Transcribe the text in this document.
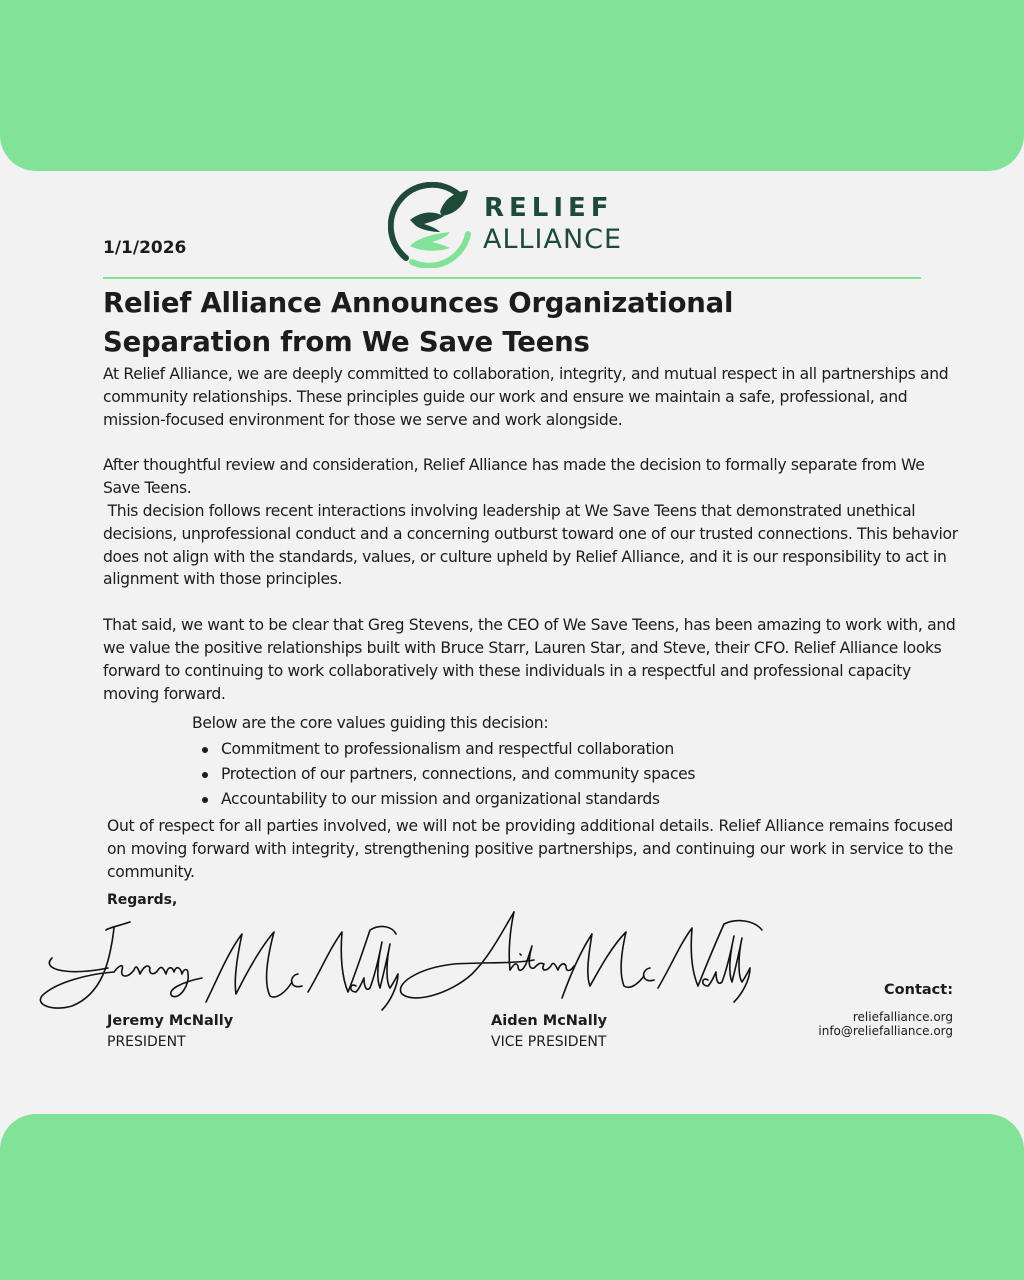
RELIEF
ALLIANCE
1/1/2026
Relief Alliance Announces Organizational Separation from We Save Teens

At Relief Alliance, we are deeply committed to collaboration, integrity, and mutual respect in all partnerships and community relationships. These principles guide our work and ensure we maintain a safe, professional, and mission-focused environment for those we serve and work alongside.

After thoughtful review and consideration, Relief Alliance has made the decision to formally separate from We Save Teens.

This decision follows recent interactions involving leadership at We Save Teens that demonstrated unethical decisions, unprofessional conduct and a concerning outburst toward one of our trusted connections. This behavior does not align with the standards, values, or culture upheld by Relief Alliance, and it is our responsibility to act in alignment with those principles.

That said, we want to be clear that Greg Stevens, the CEO of We Save Teens, has been amazing to work with, and we value the positive relationships built with Bruce Starr, Lauren Star, and Steve, their CFO. Relief Alliance looks forward to continuing to work collaboratively with these individuals in a respectful and professional capacity moving forward.

Below are the core values guiding this decision:
Commitment to professionalism and respectful collaboration
Protection of our partners, connections, and community spaces
Accountability to our mission and organizational standards
Out of respect for all parties involved, we will not be providing additional details. Relief Alliance remains focused on moving forward with integrity, strengthening positive partnerships, and continuing our work in service to the community.
Regards,
Jeremy McNally
PRESIDENT
Aiden McNally
VICE PRESIDENT
Contact:
reliefalliance.org
info@reliefalliance.org
